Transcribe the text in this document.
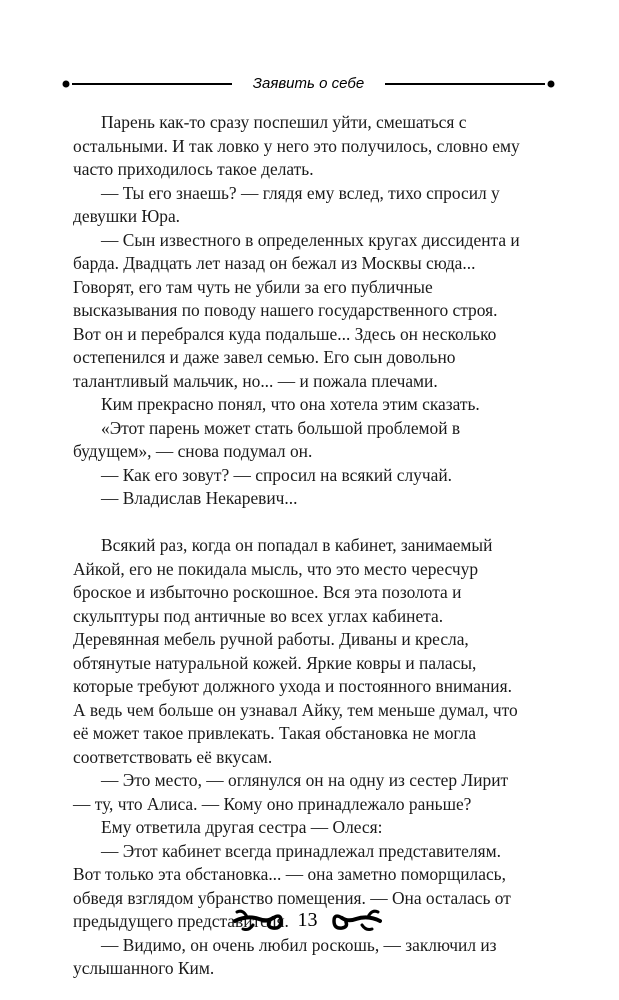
Заявить о себе

Парень как-то сразу поспешил уйти, смешаться с остальными. И так ловко у него это получилось, словно ему часто приходилось такое делать.

— Ты его знаешь? — глядя ему вслед, тихо спросил у девушки Юра.

— Сын известного в определенных кругах диссидента и барда. Двадцать лет назад он бежал из Москвы сюда... Говорят, его там чуть не убили за его публичные высказывания по поводу нашего государственного строя. Вот он и перебрался куда подальше... Здесь он несколько остепенился и даже завел семью. Его сын довольно талантливый мальчик, но... — и пожала плечами.

Ким прекрасно понял, что она хотела этим сказать.

«Этот парень может стать большой проблемой в будущем», — снова подумал он.

— Как его зовут? — спросил на всякий случай.

— Владислав Некаревич...

Всякий раз, когда он попадал в кабинет, занимаемый Айкой, его не покидала мысль, что это место чересчур броское и избыточно роскошное. Вся эта позолота и скульптуры под античные во всех углах кабинета. Деревянная мебель ручной работы. Диваны и кресла, обтянутые натуральной кожей. Яркие ковры и паласы, которые требуют должного ухода и постоянного внимания. А ведь чем больше он узнавал Айку, тем меньше думал, что её может такое привлекать. Такая обстановка не могла соответствовать её вкусам.

— Это место, — оглянулся он на одну из сестер Лирит — ту, что Алиса. — Кому оно принадлежало раньше?

Ему ответила другая сестра — Олеся:

— Этот кабинет всегда принадлежал представителям. Вот только эта обстановка... — она заметно поморщилась, обведя взглядом убранство помещения. — Она осталась от предыдущего представителя.

— Видимо, он очень любил роскошь, — заключил из услышанного Ким.

13
